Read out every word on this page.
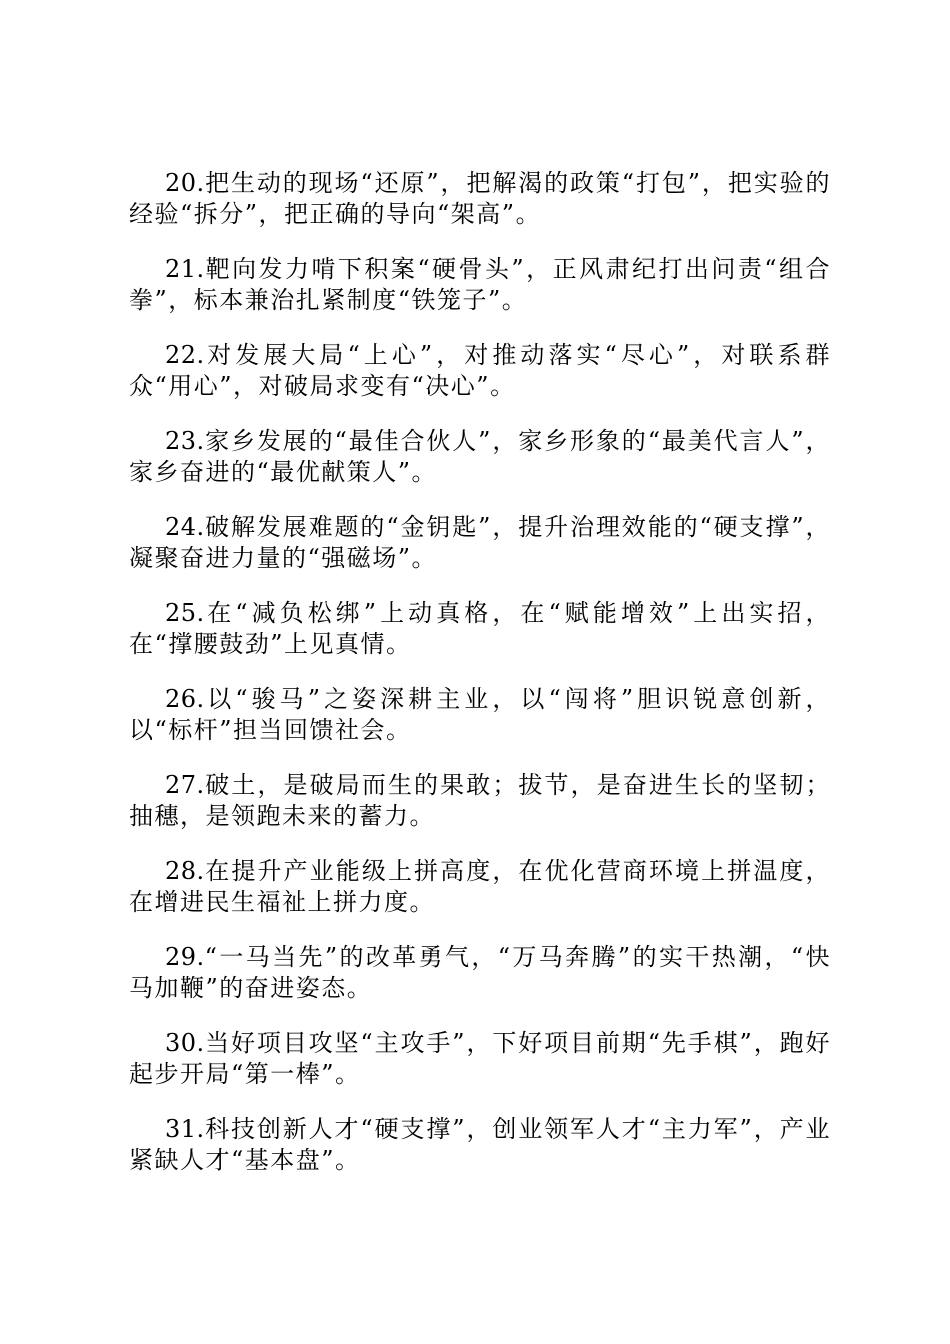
20.把生动的现场“还原”，把解渴的政策“打包”，把实验的经验“拆分”，把正确的导向“架高”。

21.靶向发力啃下积案“硬骨头”，正风肃纪打出问责“组合拳”，标本兼治扎紧制度“铁笼子”。

22.对发展大局“上心”，对推动落实“尽心”，对联系群众“用心”，对破局求变有“决心”。

23.家乡发展的“最佳合伙人”，家乡形象的“最美代言人”，家乡奋进的“最优献策人”。

24.破解发展难题的“金钥匙”，提升治理效能的“硬支撑”，凝聚奋进力量的“强磁场”。

25.在“减负松绑”上动真格，在“赋能增效”上出实招，在“撑腰鼓劲”上见真情。

26.以“骏马”之姿深耕主业，以“闯将”胆识锐意创新，以“标杆”担当回馈社会。

27.破土，是破局而生的果敢；拔节，是奋进生长的坚韧；抽穗，是领跑未来的蓄力。

28.在提升产业能级上拼高度，在优化营商环境上拼温度，在增进民生福祉上拼力度。

29.“一马当先”的改革勇气，“万马奔腾”的实干热潮，“快马加鞭”的奋进姿态。

30.当好项目攻坚“主攻手”，下好项目前期“先手棋”，跑好起步开局“第一棒”。

31.科技创新人才“硬支撑”，创业领军人才“主力军”，产业紧缺人才“基本盘”。
